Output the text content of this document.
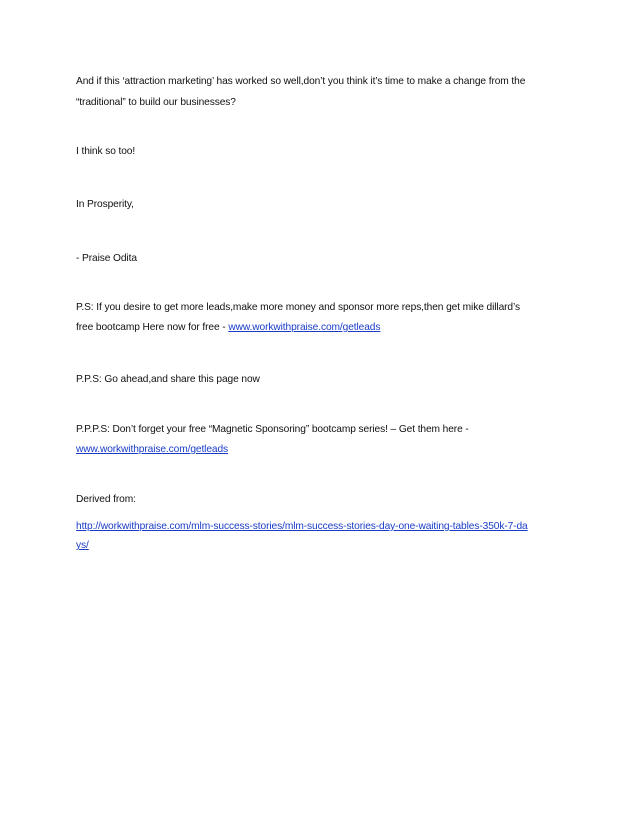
And if this ‘attraction marketing’ has worked so well,don’t you think it’s time to make a change from the
“traditional” to build our businesses?
I think so too!
In Prosperity,
- Praise Odita
P.S: If you desire to get more leads,make more money and sponsor more reps,then get mike dillard’s
free bootcamp Here now for free - www.workwithpraise.com/getleads
P.P.S: Go ahead,and share this page now
P.P.P.S: Don’t forget your free “Magnetic Sponsoring” bootcamp series! – Get them here -
www.workwithpraise.com/getleads
Derived from:
http://workwithpraise.com/mlm-success-stories/mlm-success-stories-day-one-waiting-tables-350k-7-da
ys/
